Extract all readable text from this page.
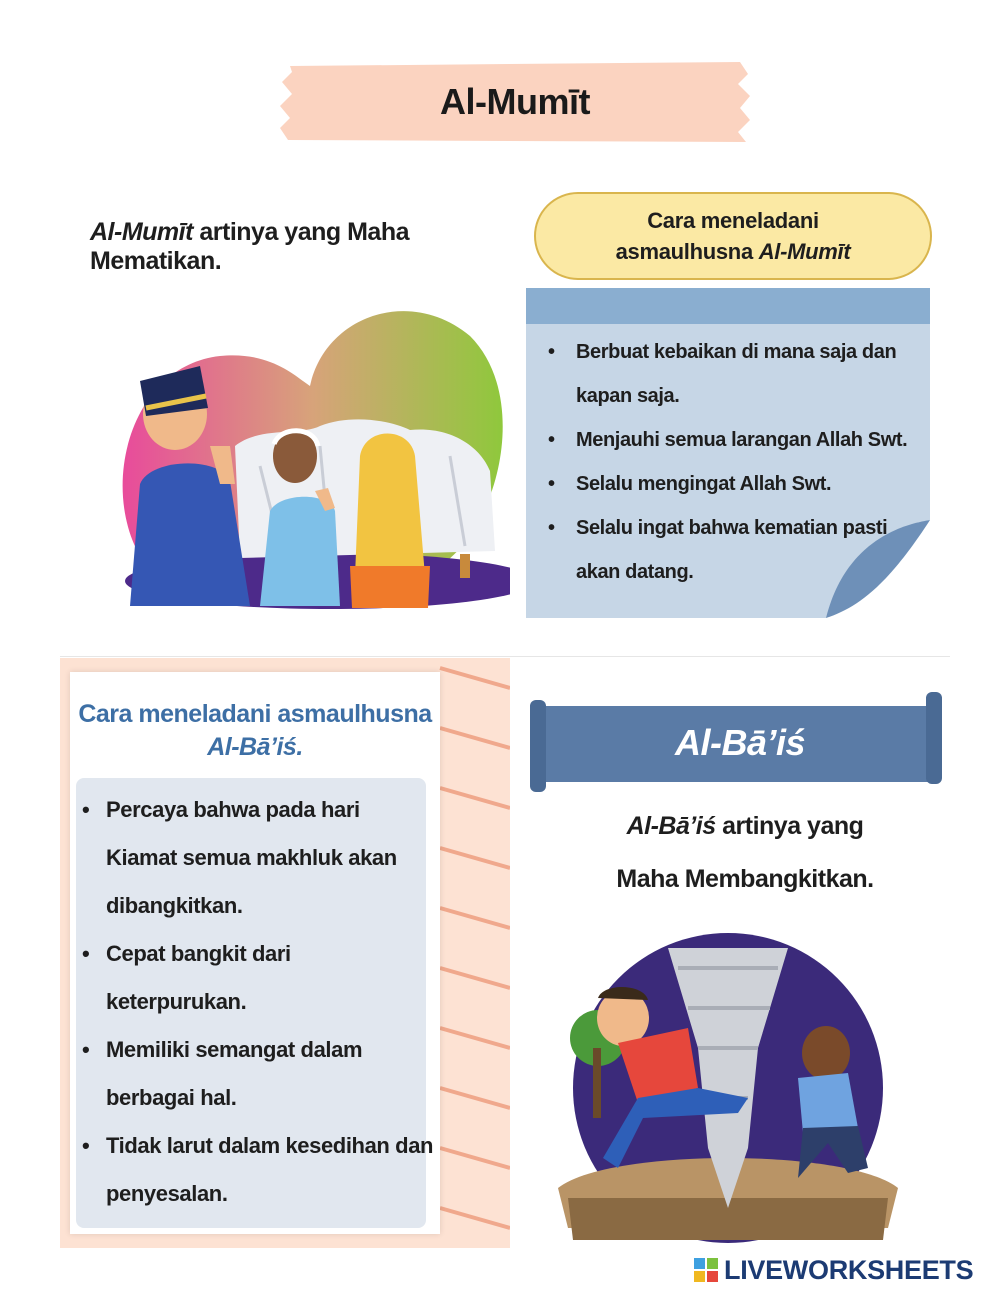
Al-Mumīt
Al-Mumīt artinya yang Maha Mematikan.
Cara meneladani
asmaulhusna Al-Mumīt
• Berbuat kebaikan di mana saja dan kapan saja.
• Menjauhi semua larangan Allah Swt.
• Selalu mengingat Allah Swt.
• Selalu ingat bahwa kematian pasti akan datang.
Cara meneladani asmaulhusna
Al-Bā’iś.
• Percaya bahwa pada hari Kiamat semua makhluk akan dibangkitkan.
• Cepat bangkit dari keterpurukan.
• Memiliki semangat dalam berbagai hal.
• Tidak larut dalam kesedihan dan penyesalan.
Al-Bā’iś
Al-Bā’iś artinya yang
Maha Membangkitkan.
LIVEWORKSHEETS
